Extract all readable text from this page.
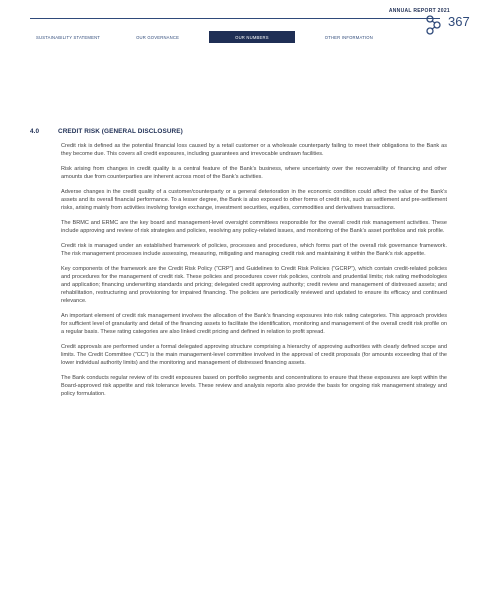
SUSTAINABILITY STATEMENT	OUR GOVERNANCE	OUR NUMBERS	OTHER INFORMATION
ANNUAL REPORT 2021
367
4.0	CREDIT RISK (GENERAL DISCLOSURE)

Credit risk is defined as the potential financial loss caused by a retail customer or a wholesale counterparty failing to meet their obligations to the Bank as they become due. This covers all credit exposures, including guarantees and irrevocable undrawn facilities.

Risk arising from changes in credit quality is a central feature of the Bank’s business, where uncertainty over the recoverability of financing and other amounts due from counterparties are inherent across most of the Bank’s activities.

Adverse changes in the credit quality of a customer/counterparty or a general deterioration in the economic condition could affect the value of the Bank’s assets and its overall financial performance. To a lesser degree, the Bank is also exposed to other forms of credit risk, such as settlement and pre-settlement risks, arising mainly from activities involving foreign exchange, investment securities, equities, commodities and derivatives transactions.

The BRMC and ERMC are the key board and management-level oversight committees responsible for the overall credit risk management activities. These include approving and review of risk strategies and policies, resolving any policy-related issues, and monitoring of the Bank’s asset portfolios and risk profile.

Credit risk is managed under an established framework of policies, processes and procedures, which forms part of the overall risk governance framework. The risk management processes include assessing, measuring, mitigating and managing credit risk and maintaining it within the Bank’s risk appetite.

Key components of the framework are the Credit Risk Policy (“CRP”) and Guidelines to Credit Risk Policies (“GCRP”), which contain credit-related policies and procedures for the management of credit risk. These policies and procedures cover risk policies, controls and prudential limits; risk rating methodologies and application; financing underwriting standards and pricing; delegated credit approving authority; credit review and management of distressed assets; and rehabilitation, restructuring and provisioning for impaired financing. The policies are periodically reviewed and updated to ensure its efficacy and continued relevance.

An important element of credit risk management involves the allocation of the Bank’s financing exposures into risk rating categories. This approach provides for sufficient level of granularity and detail of the financing assets to facilitate the identification, monitoring and management of the overall credit risk profile on a regular basis. These rating categories are also linked credit pricing and defined in relation to profit spread.

Credit approvals are performed under a formal delegated approving structure comprising a hierarchy of approving authorities with clearly defined scope and limits. The Credit Committee (“CC”) is the main management-level committee involved in the approval of credit proposals (for amounts exceeding that of the lower individual authority limits) and the monitoring and management of distressed financing assets.

The Bank conducts regular review of its credit exposures based on portfolio segments and concentrations to ensure that these exposures are kept within the Board-approved risk appetite and risk tolerance levels. These review and analysis reports also provide the basis for ongoing risk management strategy and policy formulation.
